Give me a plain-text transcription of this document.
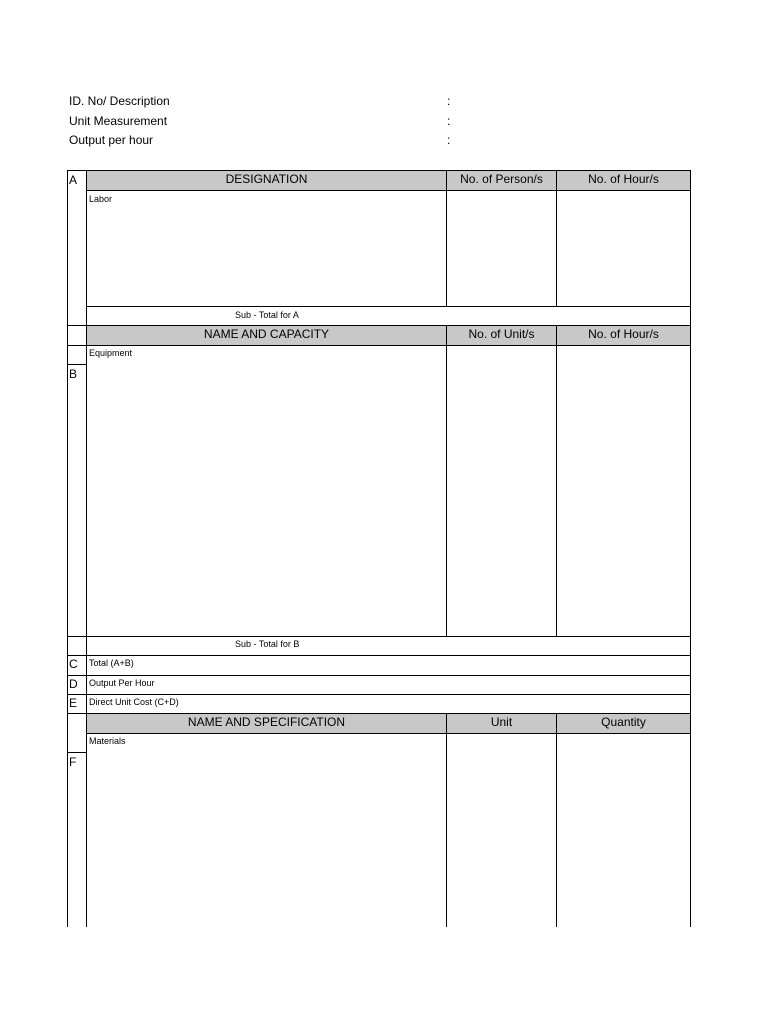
ID. No/ Description	:
Unit Measurement	:
Output per hour	:
A	DESIGNATION	No. of Person/s	No. of Hour/s
Labor
Sub - Total for A
NAME AND CAPACITY	No. of Unit/s	No. of Hour/s
Equipment
B
Sub - Total for B
C Total (A+B)
D Output Per Hour
E Direct Unit Cost (C+D)
NAME AND SPECIFICATION	Unit	Quantity
Materials
F
